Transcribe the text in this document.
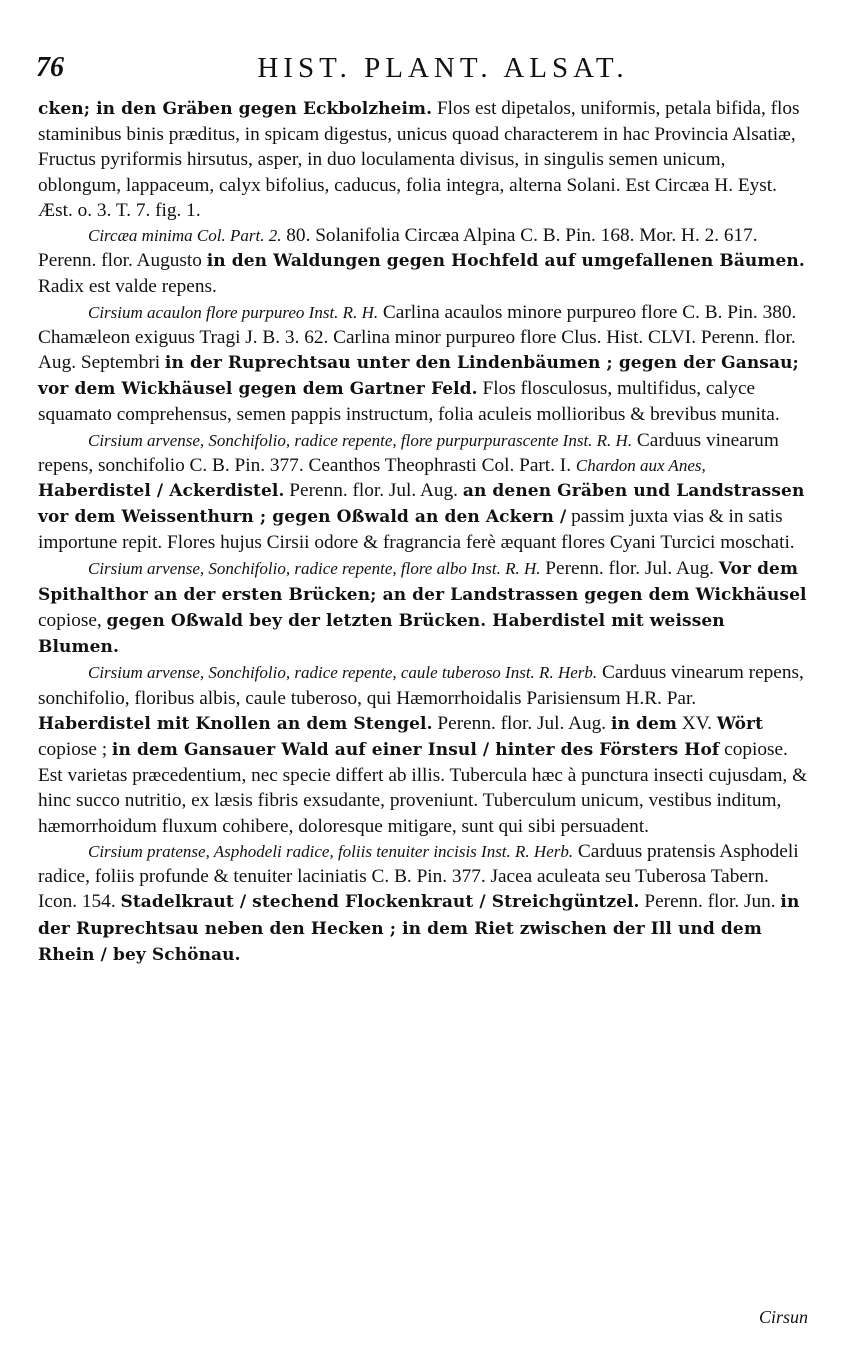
76	HIST. PLANT. ALSAT.

cken; in den Gräben gegen Eckbolzheim. Flos est dipetalos, uniformis, petala bifida, flos staminibus binis præditus, in spicam digestus, unicus quoad characterem in hac Provincia Alsatiæ, Fructus pyriformis hirsutus, asper, in duo loculamenta divisus, in singulis semen unicum, oblongum, lappaceum, calyx bifolius, caducus, folia integra, alterna Solani. Est Circæa H. Eyst. Æst. o. 3. T. 7. fig. 1.

Circæa minima Col. Part. 2. 80. Solanifolia Circæa Alpina C. B. Pin. 168. Mor. H. 2. 617. Perenn. flor. Augusto in den Waldungen gegen Hochfeld auf umgefallenen Bäumen. Radix est valde repens.

Cirsium acaulon flore purpureo Inst. R. H. Carlina acaulos minore purpureo flore C. B. Pin. 380. Chamæleon exiguus Tragi J. B. 3. 62. Carlina minor purpureo flore Clus. Hist. CLVI. Perenn. flor. Aug. Septembri in der Ruprechtsau unter den Lindenbäumen ; gegen der Gansau; vor dem Wickhäusel gegen dem Gartner Feld. Flos flosculosus, multifidus, calyce squamato comprehensus, semen pappis instructum, folia aculeis mollioribus & brevibus munita.

Cirsium arvense, Sonchifolio, radice repente, flore purpurpurascente Inst. R. H. Carduus vinearum repens, sonchifolio C. B. Pin. 377. Ceanthos Theophrasti Col. Part. I. Chardon aux Anes, Haberdistel / Ackerdistel. Perenn. flor. Jul. Aug. an denen Gräben und Landstrassen vor dem Weissenthurn ; gegen Oßwald an den Ackern / passim juxta vias & in satis importune repit. Flores hujus Cirsii odore & fragrancia ferè æquant flores Cyani Turcici moschati.

Cirsium arvense, Sonchifolio, radice repente, flore albo Inst. R. H. Perenn. flor. Jul. Aug. Vor dem Spithalthor an der ersten Brücken; an der Landstrassen gegen dem Wickhäusel copiose, gegen Oßwald bey der letzten Brücken. Haberdistel mit weissen Blumen.

Cirsium arvense, Sonchifolio, radice repente, caule tuberoso Inst. R. Herb. Carduus vinearum repens, sonchifolio, floribus albis, caule tuberoso, qui Hæmorrhoidalis Parisiensum H.R. Par. Haberdistel mit Knollen an dem Stengel. Perenn. flor. Jul. Aug. in dem XV. Wört copiose ; in dem Gansauer Wald auf einer Insul / hinter des Försters Hof copiose. Est varietas præcedentium, nec specie differt ab illis. Tubercula hæc à punctura insecti cujusdam, & hinc succo nutritio, ex læsis fibris exsudante, proveniunt. Tuberculum unicum, vestibus inditum, hæmorrhoidum fluxum cohibere, doloresque mitigare, sunt qui sibi persuadent.

Cirsium pratense, Asphodeli radice, foliis tenuiter incisis Inst. R. Herb. Carduus pratensis Asphodeli radice, foliis profunde & tenuiter laciniatis C. B. Pin. 377. Jacea aculeata seu Tuberosa Tabern. Icon. 154. Stadelkraut / stechend Flockenkraut / Streichgüntzel. Perenn. flor. Jun. in der Ruprechtsau neben den Hecken ; in dem Riet zwischen der Ill und dem Rhein / bey Schönau.

Cirsun
